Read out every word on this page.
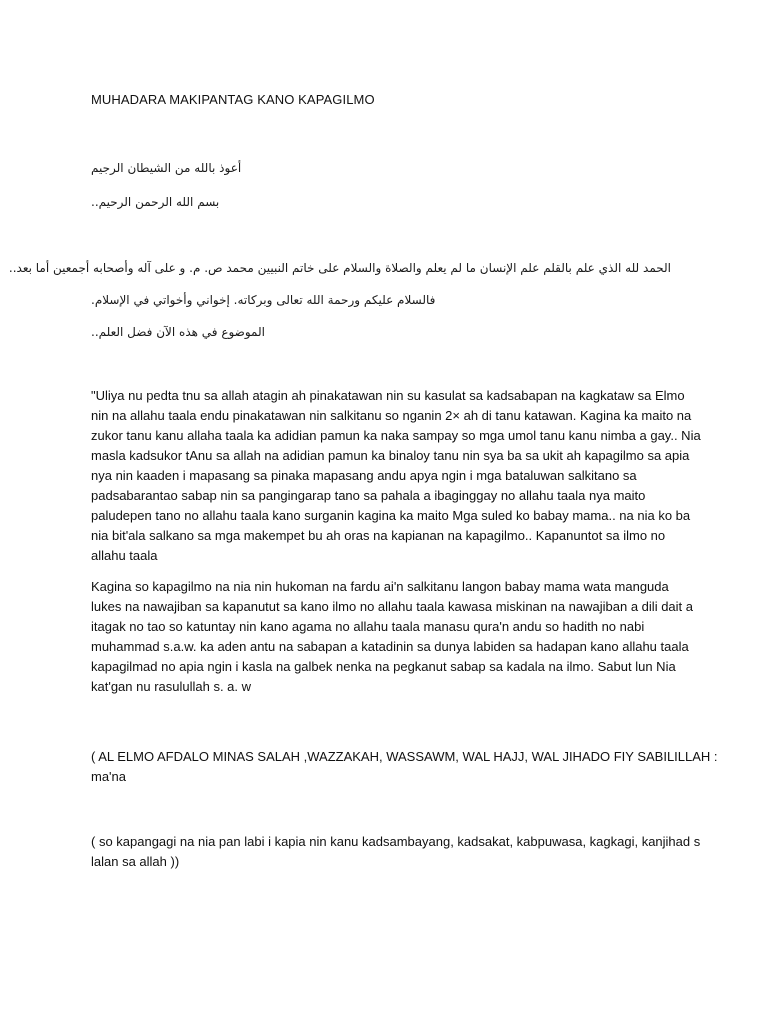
MUHADARA MAKIPANTAG KANO KAPAGILMO
أعوذ بالله من الشيطان الرجيم
بسم الله الرحمن الرحيم..
الحمد لله الذي علم بالقلم علم الإنسان ما لم يعلم والصلاة والسلام على خاتم النبيين محمد ص. م. و على آله وأصحابه أجمعين أما بعد..
فالسلام عليكم ورحمة الله تعالى وبركاته. إخواني وأخواتي في الإسلام.
الموضوع في هذه الآن فضل العلم..
"Uliya nu pedta tnu sa allah atagin ah pinakatawan nin su kasulat sa kadsabapan na kagkataw sa Elmo
nin na allahu taala endu pinakatawan nin salkitanu so nganin 2× ah di tanu katawan. Kagina ka maito na
zukor tanu kanu allaha taala ka adidian pamun ka naka sampay so mga umol tanu kanu nimba a gay.. Nia
masla kadsukor tAnu sa allah na adidian pamun ka binaloy tanu nin sya ba sa ukit ah kapagilmo sa apia
nya nin kaaden i mapasang sa pinaka mapasang andu apya ngin i mga bataluwan salkitano sa
padsabarantao sabap nin sa pangingarap tano sa pahala a ibaginggay no allahu taala nya maito
paludepen tano no allahu taala kano surganin kagina ka maito Mga suled ko babay mama.. na nia ko ba
nia bit'ala salkano sa mga makempet bu ah oras na kapianan na kapagilmo.. Kapanuntot sa ilmo no
allahu taala
Kagina so kapagilmo na nia nin hukoman na fardu ai'n salkitanu langon babay mama wata manguda
lukes na nawajiban sa kapanutut sa kano ilmo no allahu taala kawasa miskinan na nawajiban a dili dait a
itagak no tao so katuntay nin kano agama no allahu taala manasu qura'n andu so hadith no nabi
muhammad s.a.w. ka aden antu na sabapan a katadinin sa dunya labiden sa hadapan kano allahu taala
kapagilmad no apia ngin i kasla na galbek nenka na pegkanut sabap sa kadala na ilmo. Sabut lun Nia
kat'gan nu rasulullah s. a. w
( AL ELMO AFDALO MINAS SALAH ,WAZZAKAH, WASSAWM, WAL HAJJ, WAL JIHADO FIY SABILILLAH :
ma'na
( so kapangagi na nia pan labi i kapia nin kanu kadsambayang, kadsakat, kabpuwasa, kagkagi, kanjihad s
lalan sa allah ))
